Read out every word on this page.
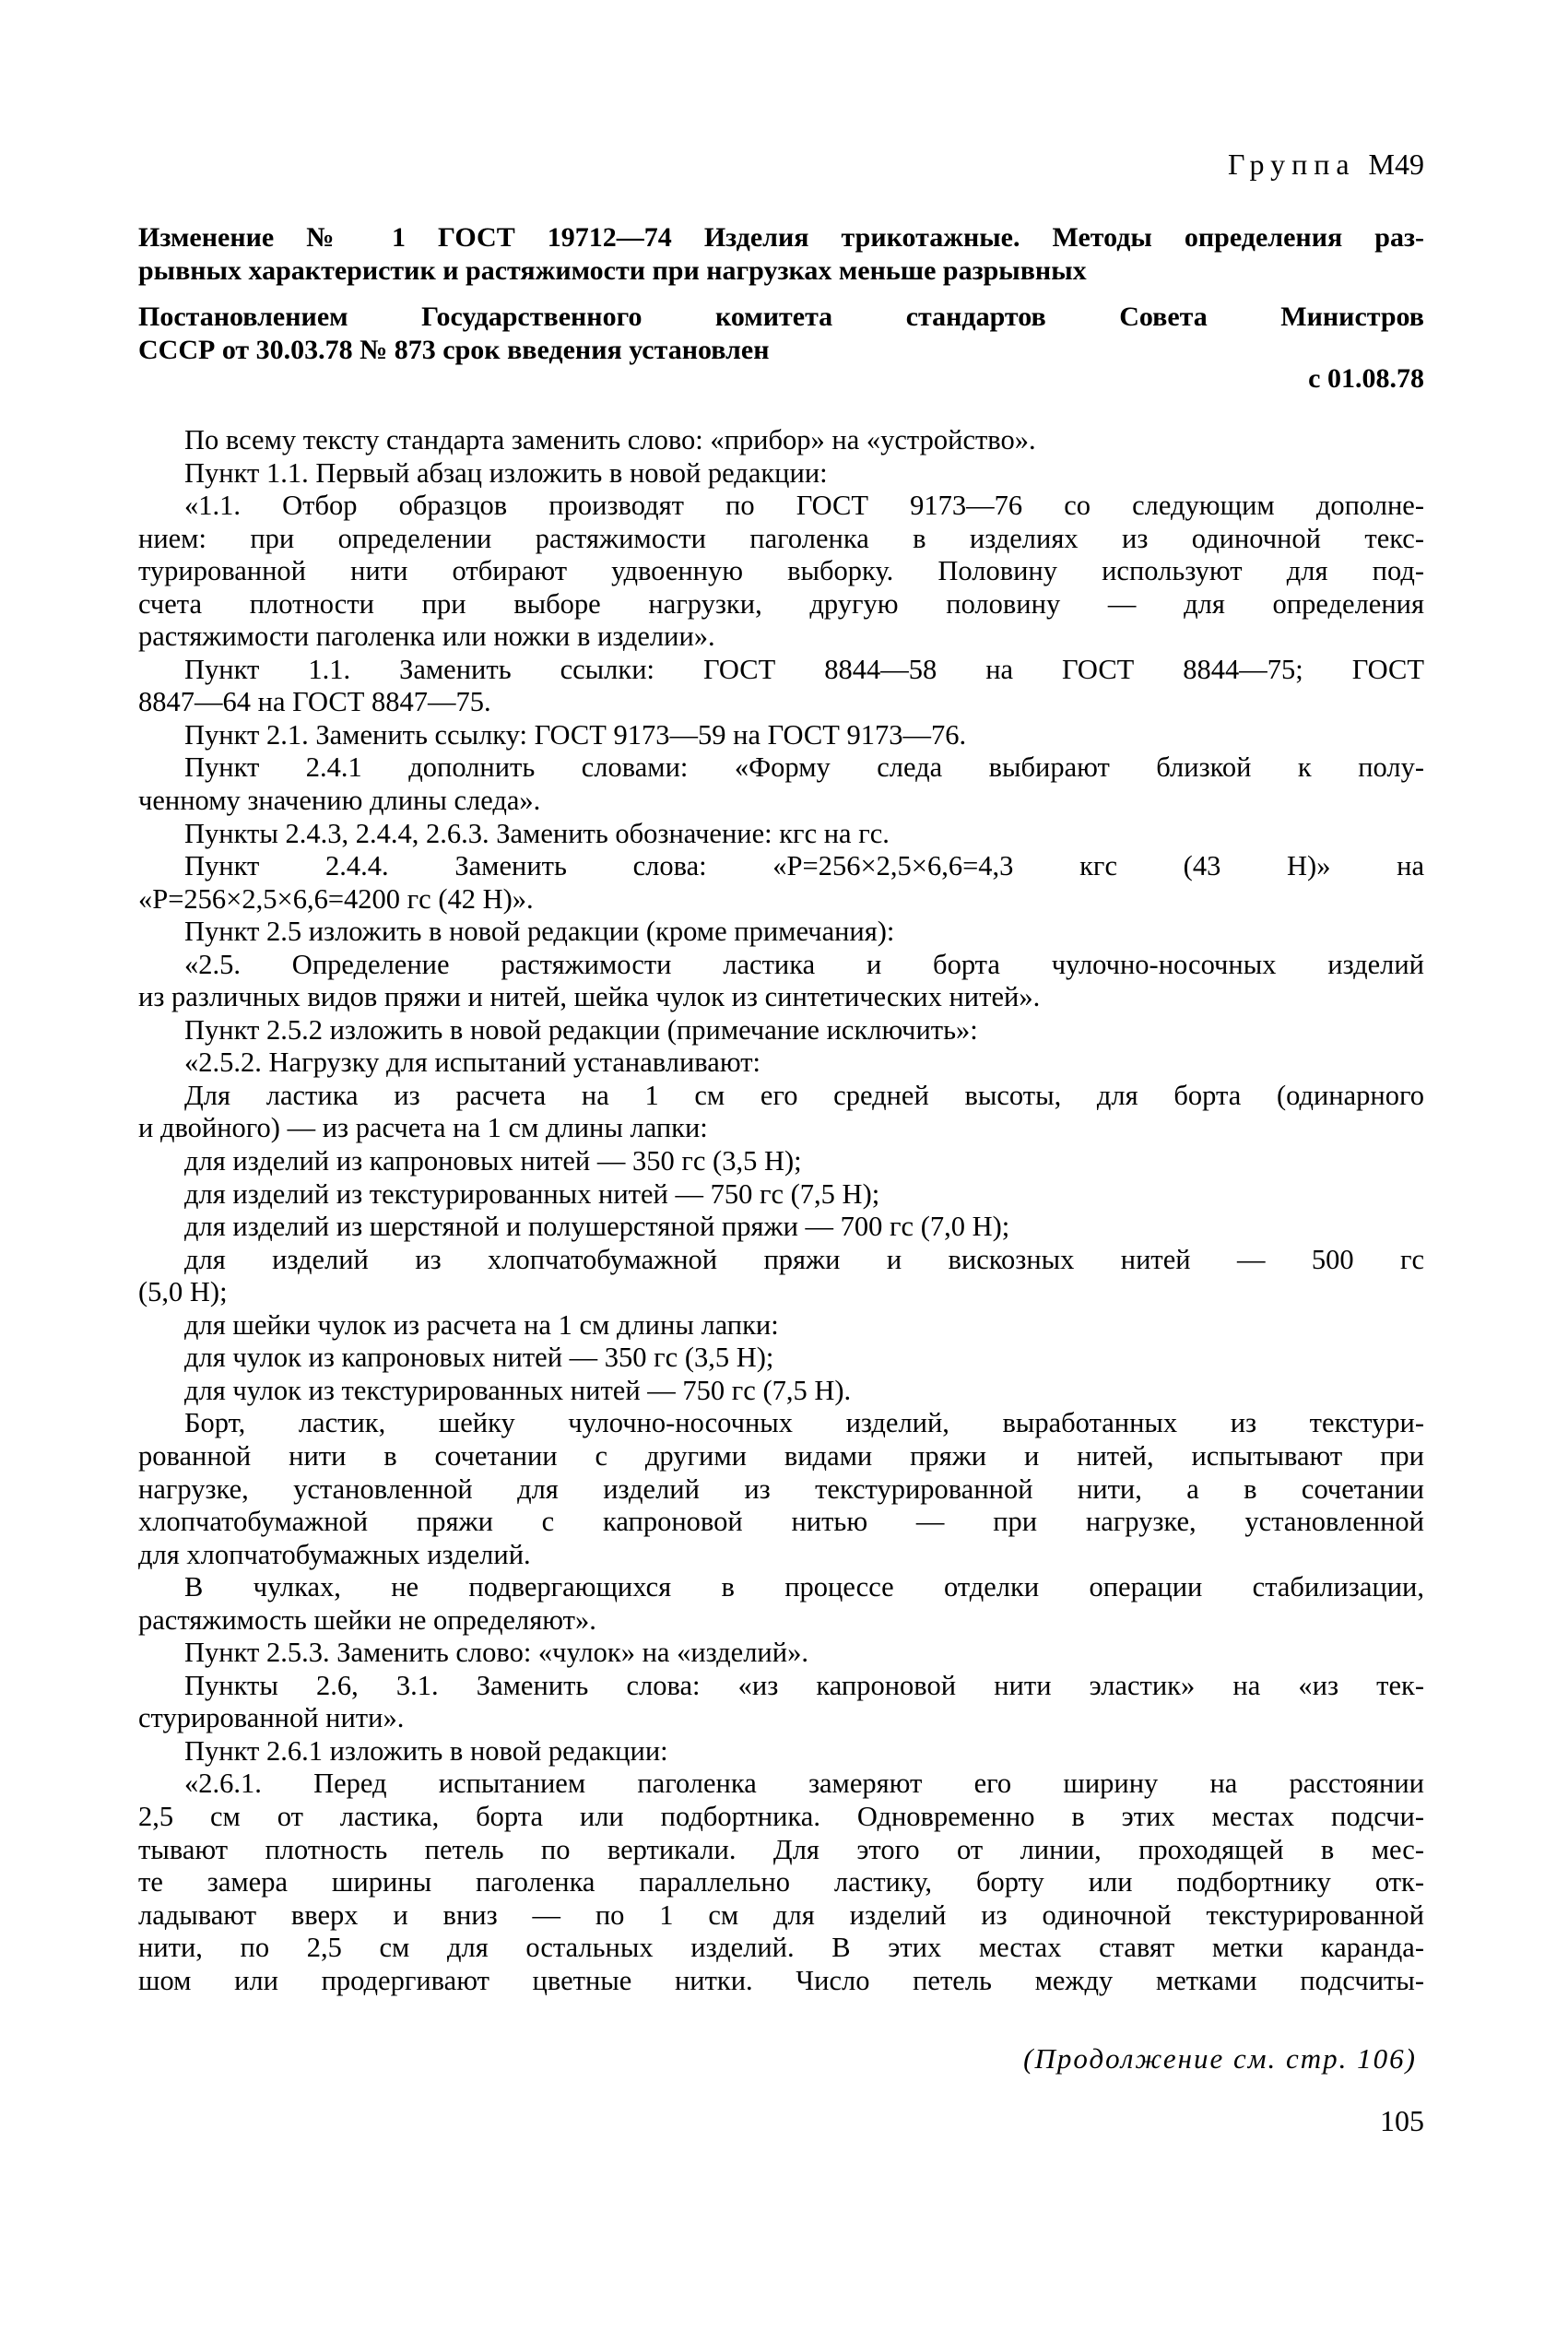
Группа М49
Изменение № 1 ГОСТ 19712—74 Изделия трикотажные. Методы определения раз-
рывных характеристик и растяжимости при нагрузках меньше разрывных
Постановлением Государственного комитета стандартов Совета Министров
СССР от 30.03.78 № 873 срок введения установлен
с 01.08.78
По всему тексту стандарта заменить слово: «прибор» на «устройство».
Пункт 1.1. Первый абзац изложить в новой редакции:
«1.1. Отбор образцов производят по ГОСТ 9173—76 со следующим дополне-
нием: при определении растяжимости паголенка в изделиях из одиночной текс-
турированной нити отбирают удвоенную выборку. Половину используют для под-
счета плотности при выборе нагрузки, другую половину — для определения
растяжимости паголенка или ножки в изделии».
Пункт 1.1. Заменить ссылки: ГОСТ 8844—58 на ГОСТ 8844—75; ГОСТ
8847—64 на ГОСТ 8847—75.
Пункт 2.1. Заменить ссылку: ГОСТ 9173—59 на ГОСТ 9173—76.
Пункт 2.4.1 дополнить словами: «Форму следа выбирают близкой к полу-
ченному значению длины следа».
Пункты 2.4.3, 2.4.4, 2.6.3. Заменить обозначение: кгс на гс.
Пункт 2.4.4. Заменить слова: «Р=256×2,5×6,6=4,3 кгс (43 Н)» на
«Р=256×2,5×6,6=4200 гс (42 Н)».
Пункт 2.5 изложить в новой редакции (кроме примечания):
«2.5. Определение растяжимости ластика и борта чулочно-носочных изделий
из различных видов пряжи и нитей, шейка чулок из синтетических нитей».
Пункт 2.5.2 изложить в новой редакции (примечание исключить»:
«2.5.2. Нагрузку для испытаний устанавливают:
Для ластика из расчета на 1 см его средней высоты, для борта (одинарного
и двойного) — из расчета на 1 см длины лапки:
для изделий из капроновых нитей — 350 гс (3,5 Н);
для изделий из текстурированных нитей — 750 гс (7,5 Н);
для изделий из шерстяной и полушерстяной пряжи — 700 гс (7,0 Н);
для изделий из хлопчатобумажной пряжи и вискозных нитей — 500 гс
(5,0 Н);
для шейки чулок из расчета на 1 см длины лапки:
для чулок из капроновых нитей — 350 гс (3,5 Н);
для чулок из текстурированных нитей — 750 гс (7,5 Н).
Борт, ластик, шейку чулочно-носочных изделий, выработанных из текстури-
рованной нити в сочетании с другими видами пряжи и нитей, испытывают при
нагрузке, установленной для изделий из текстурированной нити, а в сочетании
хлопчатобумажной пряжи с капроновой нитью — при нагрузке, установленной
для хлопчатобумажных изделий.
В чулках, не подвергающихся в процессе отделки операции стабилизации,
растяжимость шейки не определяют».
Пункт 2.5.3. Заменить слово: «чулок» на «изделий».
Пункты 2.6, 3.1. Заменить слова: «из капроновой нити эластик» на «из тек-
стурированной нити».
Пункт 2.6.1 изложить в новой редакции:
«2.6.1. Перед испытанием паголенка замеряют его ширину на расстоянии
2,5 см от ластика, борта или подбортника. Одновременно в этих местах подсчи-
тывают плотность петель по вертикали. Для этого от линии, проходящей в мес-
те замера ширины паголенка параллельно ластику, борту или подбортнику отк-
ладывают вверх и вниз — по 1 см для изделий из одиночной текстурированной
нити, по 2,5 см для остальных изделий. В этих местах ставят метки каранда-
шом или продергивают цветные нитки. Число петель между метками подсчиты-
(Продолжение см. стр. 106)
105
